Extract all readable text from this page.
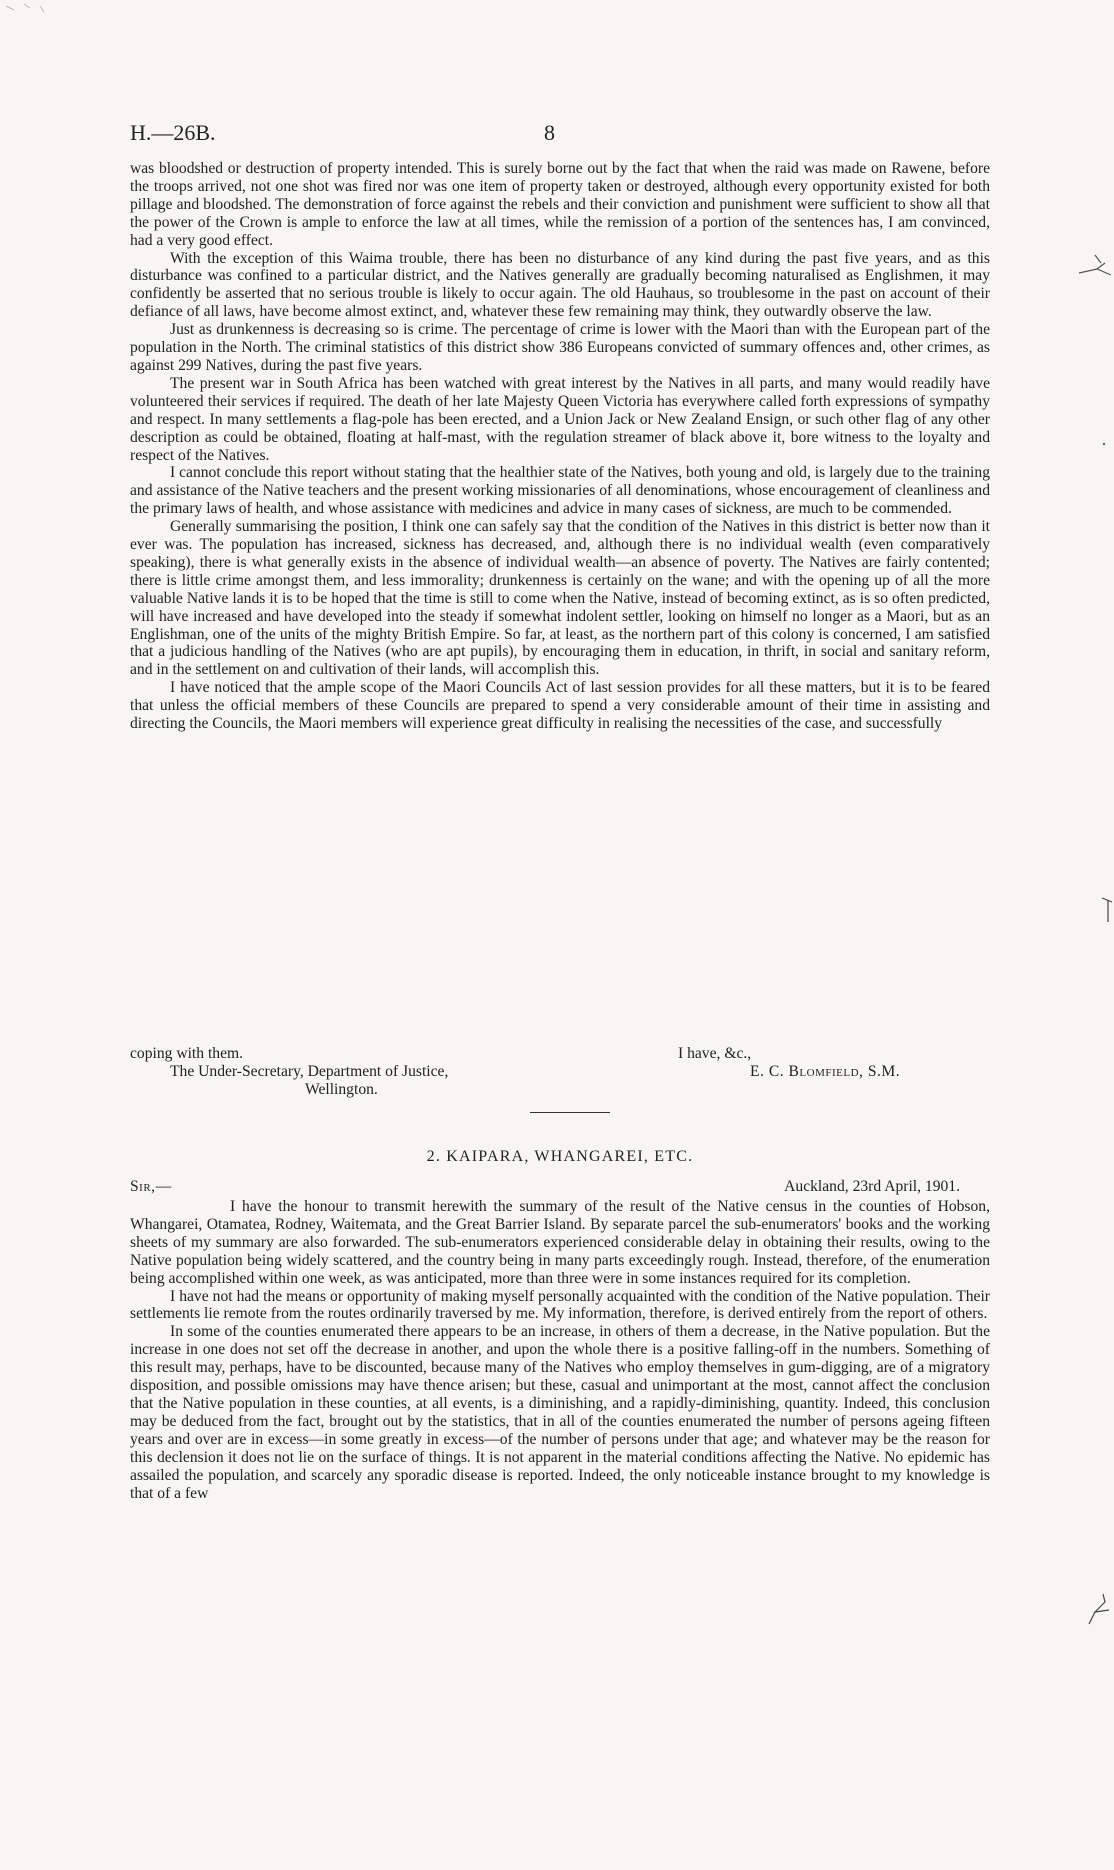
H.—26B.	8

was bloodshed or destruction of property intended. This is surely borne out by the fact that when the raid was made on Rawene, before the troops arrived, not one shot was fired nor was one item of property taken or destroyed, although every opportunity existed for both pillage and bloodshed. The demonstration of force against the rebels and their conviction and punishment were sufficient to show all that the power of the Crown is ample to enforce the law at all times, while the remission of a portion of the sentences has, I am convinced, had a very good effect.

With the exception of this Waima trouble, there has been no disturbance of any kind during the past five years, and as this disturbance was confined to a particular district, and the Natives generally are gradually becoming naturalised as Englishmen, it may confidently be asserted that no serious trouble is likely to occur again. The old Hauhaus, so troublesome in the past on account of their defiance of all laws, have become almost extinct, and, whatever these few remaining may think, they outwardly observe the law.

Just as drunkenness is decreasing so is crime. The percentage of crime is lower with the Maori than with the European part of the population in the North. The criminal statistics of this district show 386 Europeans convicted of summary offences and, other crimes, as against 299 Natives, during the past five years.

The present war in South Africa has been watched with great interest by the Natives in all parts, and many would readily have volunteered their services if required. The death of her late Majesty Queen Victoria has everywhere called forth expressions of sympathy and respect. In many settlements a flag-pole has been erected, and a Union Jack or New Zealand Ensign, or such other flag of any other description as could be obtained, floating at half-mast, with the regulation streamer of black above it, bore witness to the loyalty and respect of the Natives.

I cannot conclude this report without stating that the healthier state of the Natives, both young and old, is largely due to the training and assistance of the Native teachers and the present working missionaries of all denominations, whose encouragement of cleanliness and the primary laws of health, and whose assistance with medicines and advice in many cases of sickness, are much to be commended.

Generally summarising the position, I think one can safely say that the condition of the Natives in this district is better now than it ever was. The population has increased, sickness has decreased, and, although there is no individual wealth (even comparatively speaking), there is what generally exists in the absence of individual wealth—an absence of poverty. The Natives are fairly contented; there is little crime amongst them, and less immorality; drunkenness is certainly on the wane; and with the opening up of all the more valuable Native lands it is to be hoped that the time is still to come when the Native, instead of becoming extinct, as is so often predicted, will have increased and have developed into the steady if somewhat indolent settler, looking on himself no longer as a Maori, but as an Englishman, one of the units of the mighty British Empire. So far, at least, as the northern part of this colony is concerned, I am satisfied that a judicious handling of the Natives (who are apt pupils), by encouraging them in education, in thrift, in social and sanitary reform, and in the settlement on and cultivation of their lands, will accomplish this.

I have noticed that the ample scope of the Maori Councils Act of last session provides for all these matters, but it is to be feared that unless the official members of these Councils are prepared to spend a very considerable amount of their time in assisting and directing the Councils, the Maori members will experience great difficulty in realising the necessities of the case, and successfully

coping with them.	I have, &c.,
The Under-Secretary, Department of Justice,	E. C. Blomfield, S.M.
Wellington.
2. KAIPARA, WHANGAREI, ETC.
Sir,—	Auckland, 23rd April, 1901.

I have the honour to transmit herewith the summary of the result of the Native census in the counties of Hobson, Whangarei, Otamatea, Rodney, Waitemata, and the Great Barrier Island. By separate parcel the sub-enumerators' books and the working sheets of my summary are also forwarded. The sub-enumerators experienced considerable delay in obtaining their results, owing to the Native population being widely scattered, and the country being in many parts exceedingly rough. Instead, therefore, of the enumeration being accomplished within one week, as was anticipated, more than three were in some instances required for its completion.

I have not had the means or opportunity of making myself personally acquainted with the condition of the Native population. Their settlements lie remote from the routes ordinarily traversed by me. My information, therefore, is derived entirely from the report of others.

In some of the counties enumerated there appears to be an increase, in others of them a decrease, in the Native population. But the increase in one does not set off the decrease in another, and upon the whole there is a positive falling-off in the numbers. Something of this result may, perhaps, have to be discounted, because many of the Natives who employ themselves in gum-digging, are of a migratory disposition, and possible omissions may have thence arisen; but these, casual and unimportant at the most, cannot affect the conclusion that the Native population in these counties, at all events, is a diminishing, and a rapidly-diminishing, quantity. Indeed, this conclusion may be deduced from the fact, brought out by the statistics, that in all of the counties enumerated the number of persons ageing fifteen years and over are in excess—in some greatly in excess—of the number of persons under that age; and whatever may be the reason for this declension it does not lie on the surface of things. It is not apparent in the material conditions affecting the Native. No epidemic has assailed the population, and scarcely any sporadic disease is reported. Indeed, the only noticeable instance brought to my knowledge is that of a few
